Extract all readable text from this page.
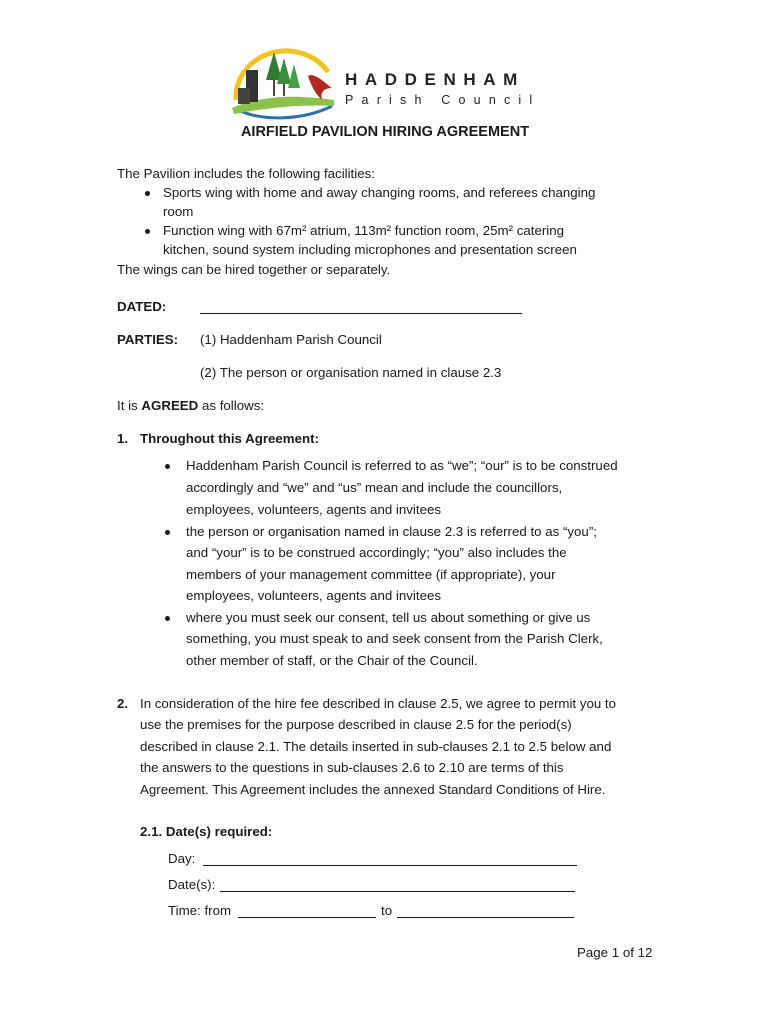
HADDENHAM
Parish Council
AIRFIELD PAVILION HIRING AGREEMENT
The Pavilion includes the following facilities:
Sports wing with home and away changing rooms, and referees changing
room
Function wing with 67m² atrium, 113m² function room, 25m² catering
kitchen, sound system including microphones and presentation screen
The wings can be hired together or separately.
DATED:
PARTIES: (1) Haddenham Parish Council
(2) The person or organisation named in clause 2.3
It is AGREED as follows:
1. Throughout this Agreement:
Haddenham Parish Council is referred to as “we”; “our” is to be construed
accordingly and “we” and “us” mean and include the councillors,
employees, volunteers, agents and invitees
the person or organisation named in clause 2.3 is referred to as “you”;
and “your” is to be construed accordingly; “you” also includes the
members of your management committee (if appropriate), your
employees, volunteers, agents and invitees
where you must seek our consent, tell us about something or give us
something, you must speak to and seek consent from the Parish Clerk,
other member of staff, or the Chair of the Council.
2. In consideration of the hire fee described in clause 2.5, we agree to permit you to
use the premises for the purpose described in clause 2.5 for the period(s)
described in clause 2.1. The details inserted in sub-clauses 2.1 to 2.5 below and
the answers to the questions in sub-clauses 2.6 to 2.10 are terms of this
Agreement. This Agreement includes the annexed Standard Conditions of Hire.
2.1. Date(s) required:
Day:
Date(s):
Time: from	to
Page 1 of 12
